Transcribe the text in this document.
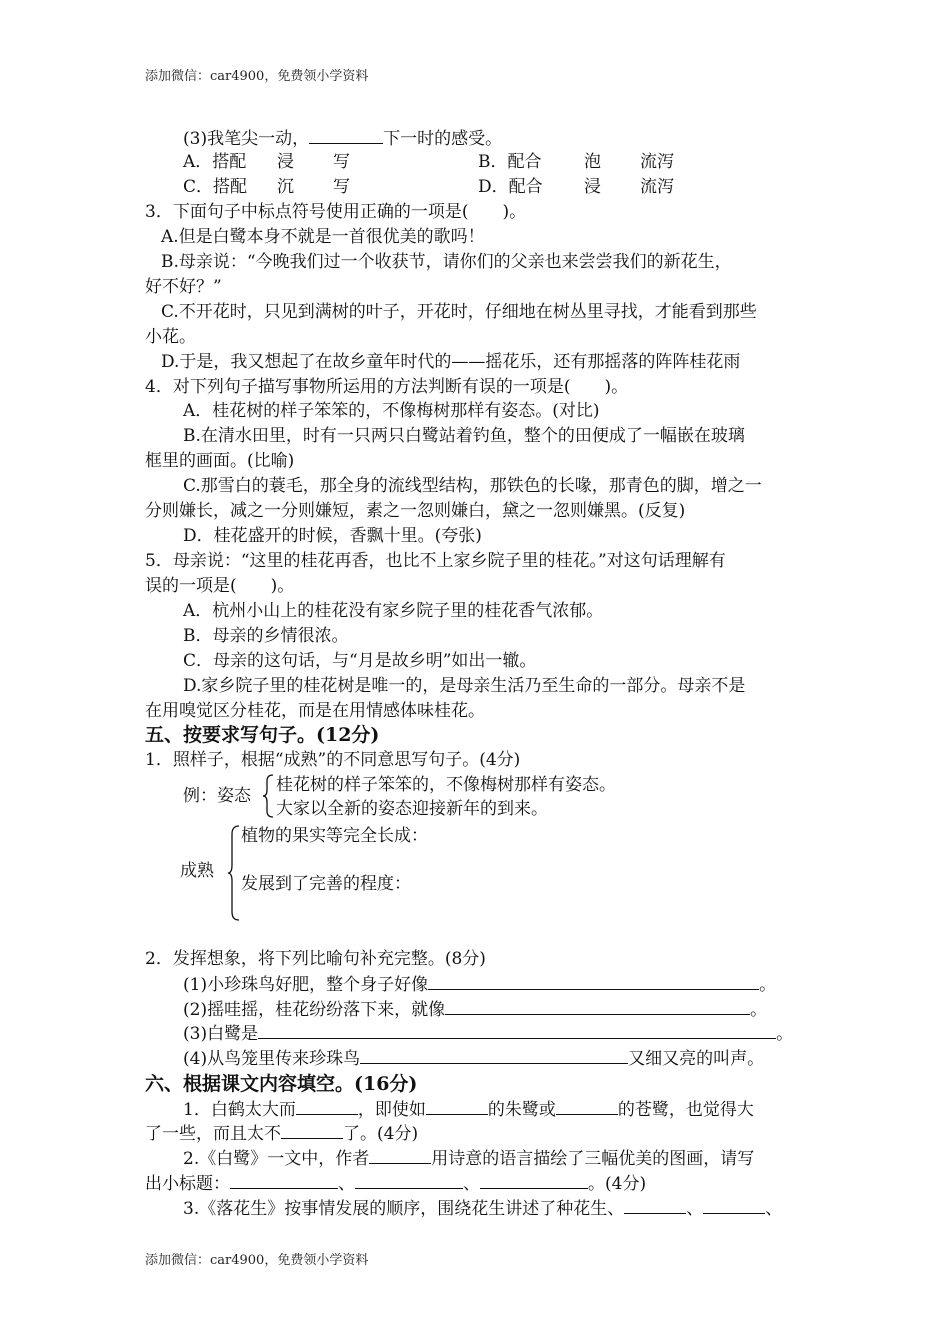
添加微信：car4900，免费领小学资料
(3)我笔尖一动，	下一时的感受。
A．搭配 浸 写	B．配合	泡 流泻
C．搭配 沉 写	D．配合 浸 流泻
3．下面句子中标点符号使用正确的一项是(　　)。
A.但是白鹭本身不就是一首很优美的歌吗！
B.母亲说：“今晚我们过一个收获节，请你们的父亲也来尝尝我们的新花生，
好不好？”
C.不开花时，只见到满树的叶子，开花时，仔细地在树丛里寻找，才能看到那些
小花。
D.于是，我又想起了在故乡童年时代的——摇花乐，还有那摇落的阵阵桂花雨
4．对下列句子描写事物所运用的方法判断有误的一项是(　　)。
A．桂花树的样子笨笨的，不像梅树那样有姿态。(对比)
B.在清水田里，时有一只两只白鹭站着钓鱼，整个的田便成了一幅嵌在玻璃
框里的画面。(比喻)
C.那雪白的蓑毛，那全身的流线型结构，那铁色的长喙，那青色的脚，增之一
分则嫌长，减之一分则嫌短，素之一忽则嫌白，黛之一忽则嫌黑。(反复)
D．桂花盛开的时候，香飘十里。(夸张)
5．母亲说：“这里的桂花再香，也比不上家乡院子里的桂花。”对这句话理解有
误的一项是(　　)。
A．杭州小山上的桂花没有家乡院子里的桂花香气浓郁。
B．母亲的乡情很浓。
C．母亲的这句话，与“月是故乡明”如出一辙。
D.家乡院子里的桂花树是唯一的，是母亲生活乃至生命的一部分。母亲不是
在用嗅觉区分桂花，而是在用情感体味桂花。
五、按要求写句子。(12分)
1．照样子，根据“成熟”的不同意思写句子。(4分)
例：姿态
桂花树的样子笨笨的，不像梅树那样有姿态。
大家以全新的姿态迎接新年的到来。
成熟
植物的果实等完全长成：
发展到了完善的程度：
2．发挥想象，将下列比喻句补充完整。(8分)
(1)小珍珠鸟好肥，整个身子好像	。
(2)摇哇摇，桂花纷纷落下来，就像	。
(3)白鹭是	。
(4)从鸟笼里传来珍珠鸟	又细又亮的叫声。
六、根据课文内容填空。(16分)
1．白鹤太大而	，即使如	的朱鹭或	的苍鹭，也觉得大
了一些，而且太不	了。(4分)
2.《白鹭》一文中，作者	用诗意的语言描绘了三幅优美的图画，请写
出小标题：	、	、	。(4分)
3.《落花生》按事情发展的顺序，围绕花生讲述了种花生、	、	、
添加微信：car4900，免费领小学资料
